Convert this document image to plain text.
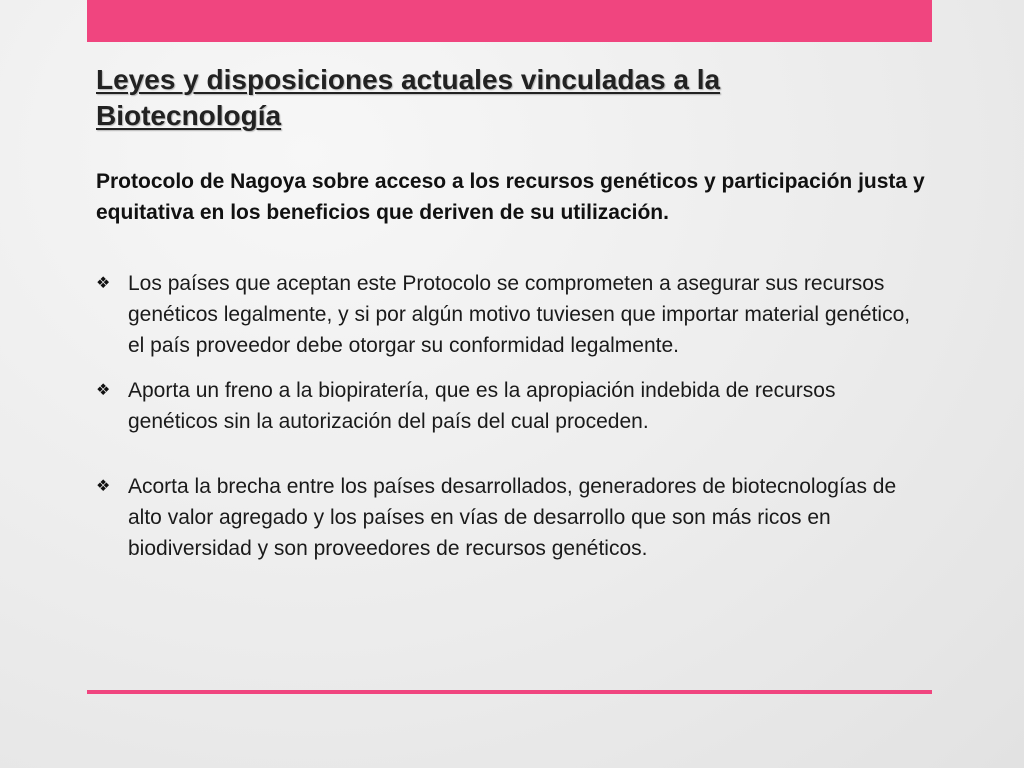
Leyes y disposiciones actuales vinculadas a la Biotecnología

Protocolo de Nagoya sobre acceso a los recursos genéticos y participación justa y equitativa en los beneficios que deriven de su utilización.

❖ Los países que aceptan este Protocolo se comprometen a asegurar sus recursos genéticos legalmente, y si por algún motivo tuviesen que importar material genético, el país proveedor debe otorgar su conformidad legalmente.
❖ Aporta un freno a la biopiratería, que es la apropiación indebida de recursos genéticos sin la autorización del país del cual proceden.
❖ Acorta la brecha entre los países desarrollados, generadores de biotecnologías de alto valor agregado y los países en vías de desarrollo que son más ricos en biodiversidad y son proveedores de recursos genéticos.
